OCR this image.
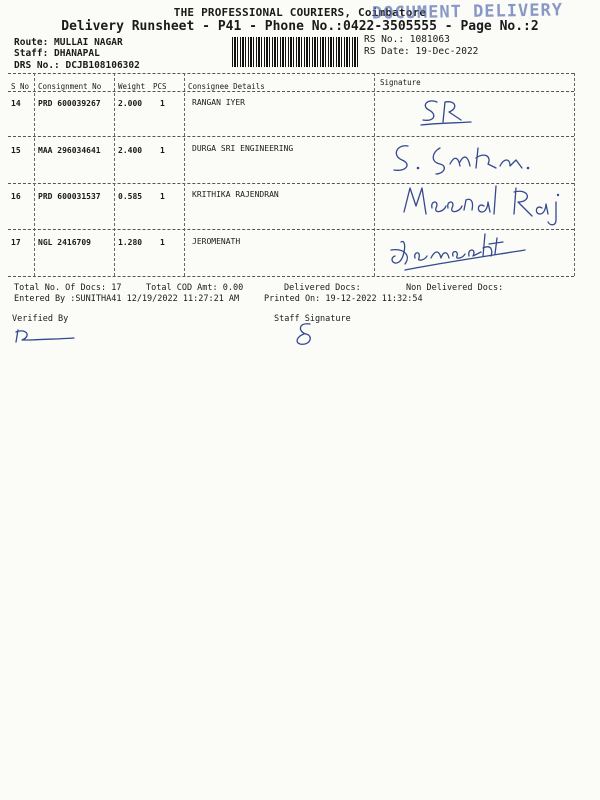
THE PROFESSIONAL COURIERS, Coimbatore
Delivery Runsheet - P41 - Phone No.:0422-3505555 - Page No.:2
DOCUMENT DELIVERY
Route: MULLAI NAGAR
Staff: DHANAPAL
DRS No.: DCJB108106302
RS No.: 1081063
RS Date: 19-Dec-2022
S No Consignment No Weight PCS	Consignee Details	Signature
14 PRD 600039267 2.000 1	RANGAN IYER
15 MAA 296034641 2.400 1	DURGA SRI ENGINEERING
16 PRD 600031537 0.585 1	KRITHIKA RAJENDRAN
17 NGL 2416709	1.280 1	JEROMENATH
Total No. Of Docs: 17	Total COD Amt: 0.00	Delivered Docs:	Non Delivered Docs:
Entered By :SUNITHA41 12/19/2022 11:27:21 AM	Printed On: 19-12-2022 11:32:54
Verified By	Staff Signature
